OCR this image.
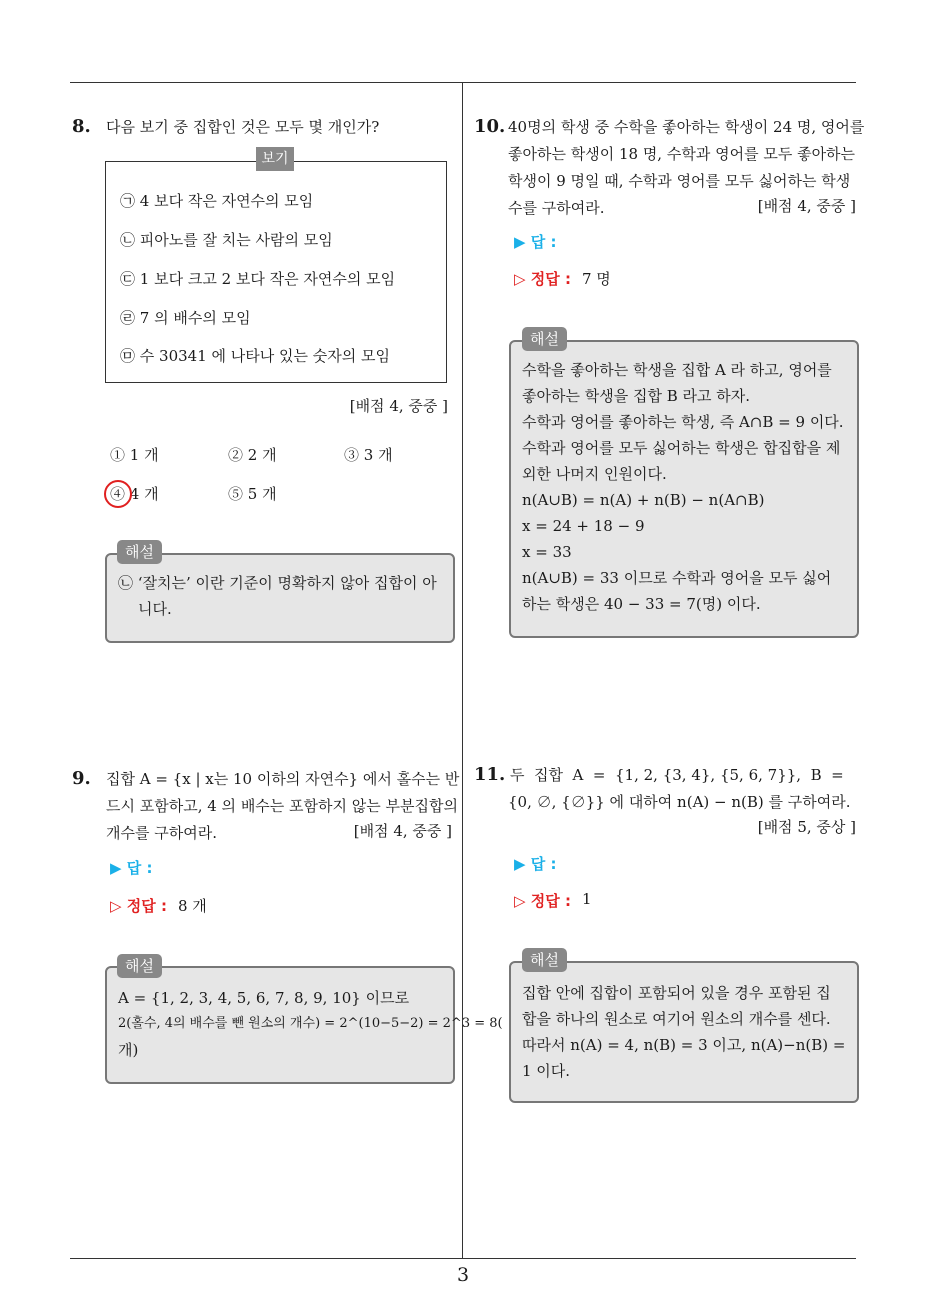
3
8. 다음 보기 중 집합인 것은 모두 몇 개인가?
보기
㉠ 4 보다 작은 자연수의 모임
㉡ 피아노를 잘 치는 사람의 모임
㉢ 1 보다 크고 2 보다 작은 자연수의 모임
㉣ 7 의 배수의 모임
㉤ 수 30341 에 나타나 있는 숫자의 모임
[배점 4, 중중 ]
① 1 개	② 2 개	③ 3 개
④ 4 개	⑤ 5 개
해설
㉡ ‘잘치는’ 이란 기준이 명확하지 않아 집합이 아
니다.
9. 집합 A = {x | x는 10 이하의 자연수} 에서 홀수는 반
드시 포함하고, 4 의 배수는 포함하지 않는 부분집합의
개수를 구하여라.	[배점 4, 중중 ]
▶ 답 :
▷ 정답 : 8 개
해설
A = {1, 2, 3, 4, 5, 6, 7, 8, 9, 10} 이므로
2(홀수, 4의 배수를 뺀 원소의 개수) = 2^(10−5−2) = 2^3 = 8(
개)
10. 40명의 학생 중 수학을 좋아하는 학생이 24 명, 영어를
좋아하는 학생이 18 명, 수학과 영어를 모두 좋아하는
학생이 9 명일 때, 수학과 영어를 모두 싫어하는 학생
수를 구하여라.	[배점 4, 중중 ]
▶ 답 :
▷ 정답 : 7 명
해설
수학을 좋아하는 학생을 집합 A 라 하고, 영어를
좋아하는 학생을 집합 B 라고 하자.
수학과 영어를 좋아하는 학생, 즉 A∩B = 9 이다.
수학과 영어를 모두 싫어하는 학생은 합집합을 제
외한 나머지 인원이다.
n(A∪B) = n(A) + n(B) − n(A∩B)
x = 24 + 18 − 9
x = 33
n(A∪B) = 33 이므로 수학과 영어을 모두 싫어
하는 학생은 40 − 33 = 7(명) 이다.
11. 두  집합  A  =  {1, 2, {3, 4}, {5, 6, 7}},  B  =
{0, ∅, {∅}} 에 대하여 n(A) − n(B) 를 구하여라.
[배점 5, 중상 ]
▶ 답 :
▷ 정답 : 1
해설
집합 안에 집합이 포함되어 있을 경우 포함된 집
합을 하나의 원소로 여기어 원소의 개수를 센다.
따라서 n(A) = 4, n(B) = 3 이고, n(A)−n(B) =
1 이다.
